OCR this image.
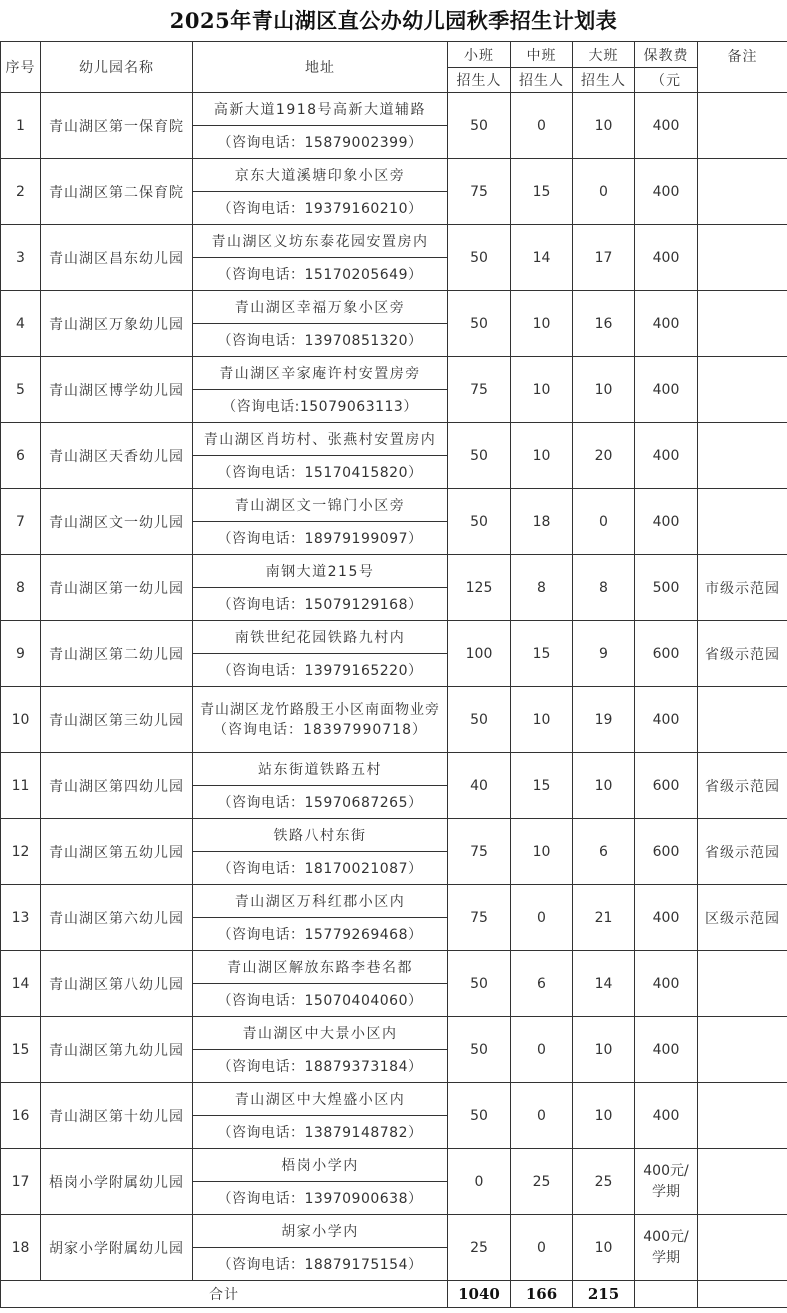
2025年青山湖区直公办幼儿园秋季招生计划表
序号	幼儿园名称	地址	小班	中班	大班	保教费	备注
			招生人	招生人	招生人	（元	
1	青山湖区第一保育院	高新大道1918号高新大道辅路	50	0	10	400	
		（咨询电话：15879002399）					
2	青山湖区第二保育院	京东大道溪塘印象小区旁	75	15	0	400	
		（咨询电话：19379160210）					
3	青山湖区昌东幼儿园	青山湖区义坊东泰花园安置房内	50	14	17	400	
		（咨询电话：15170205649）					
4	青山湖区万象幼儿园	青山湖区幸福万象小区旁	50	10	16	400	
		（咨询电话：13970851320）					
5	青山湖区博学幼儿园	青山湖区辛家庵许村安置房旁	75	10	10	400	
		（咨询电话:15079063113）					
6	青山湖区天香幼儿园	青山湖区肖坊村、张燕村安置房内	50	10	20	400	
		（咨询电话：15170415820）					
7	青山湖区文一幼儿园	青山湖区文一锦门小区旁	50	18	0	400	
		（咨询电话：18979199097）					
8	青山湖区第一幼儿园	南钢大道215号	125	8	8	500	市级示范园
		（咨询电话：15079129168）					
9	青山湖区第二幼儿园	南铁世纪花园铁路九村内	100	15	9	600	省级示范园
		（咨询电话：13979165220）					
10	青山湖区第三幼儿园	青山湖区龙竹路殷王小区南面物业旁（咨询电话：18397990718）	50	10	19	400	

11	青山湖区第四幼儿园	站东街道铁路五村	40	15	10	600	省级示范园
		（咨询电话：15970687265）					
12	青山湖区第五幼儿园	铁路八村东街	75	10	6	600	省级示范园
		（咨询电话：18170021087）					
13	青山湖区第六幼儿园	青山湖区万科红郡小区内	75	0	21	400	区级示范园
		（咨询电话：15779269468）					
14	青山湖区第八幼儿园	青山湖区解放东路李巷名都	50	6	14	400	
		（咨询电话：15070404060）					
15	青山湖区第九幼儿园	青山湖区中大景小区内	50	0	10	400	
		（咨询电话：18879373184）					
16	青山湖区第十幼儿园	青山湖区中大煌盛小区内	50	0	10	400	
		（咨询电话：13879148782）					
17	梧岗小学附属幼儿园	梧岗小学内	0	25	25	400元/
学期	

		（咨询电话：13970900638）					
18	胡家小学附属幼儿园	胡家小学内	25	0	10	400元/
学期	

		（咨询电话：18879175154）					
合计			1040	166	215		
